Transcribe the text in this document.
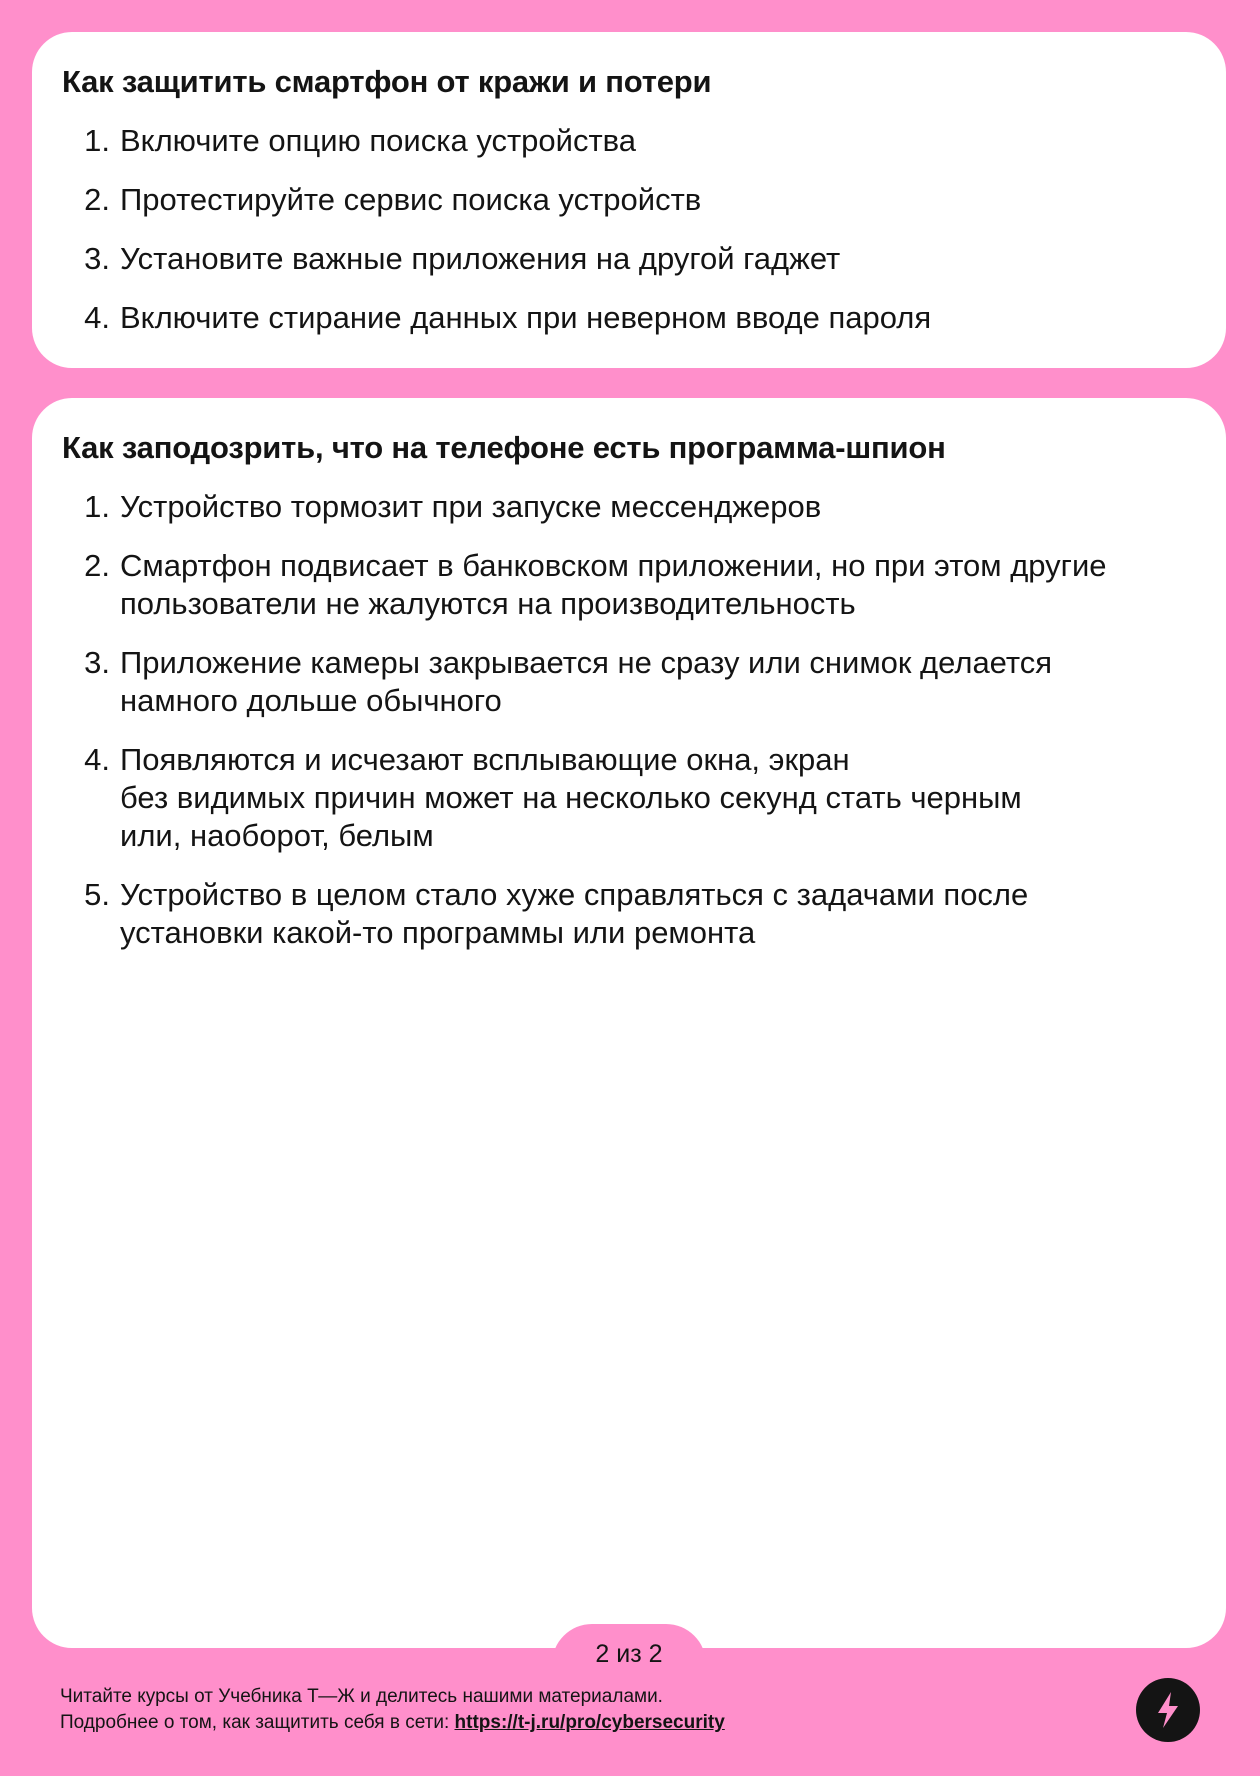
Как защитить смартфон от кражи и потери
1. Включите опцию поиска устройства
2. Протестируйте сервис поиска устройств
3. Установите важные приложения на другой гаджет
4. Включите стирание данных при неверном вводе пароля
Как заподозрить, что на телефоне есть программа-шпион
1. Устройство тормозит при запуске мессенджеров
2. Смартфон подвисает в банковском приложении, но при этом другие
пользователи не жалуются на производительность
3. Приложение камеры закрывается не сразу или снимок делается
намного дольше обычного
4. Появляются и исчезают всплывающие окна, экран
без видимых причин может на несколько секунд стать черным
или, наоборот, белым
5. Устройство в целом стало хуже справляться с задачами после
установки какой-то программы или ремонта
2 из 2
Читайте курсы от Учебника Т—Ж и делитесь нашими материалами.
Подробнее о том, как защитить себя в сети: https://t-j.ru/pro/cybersecurity
